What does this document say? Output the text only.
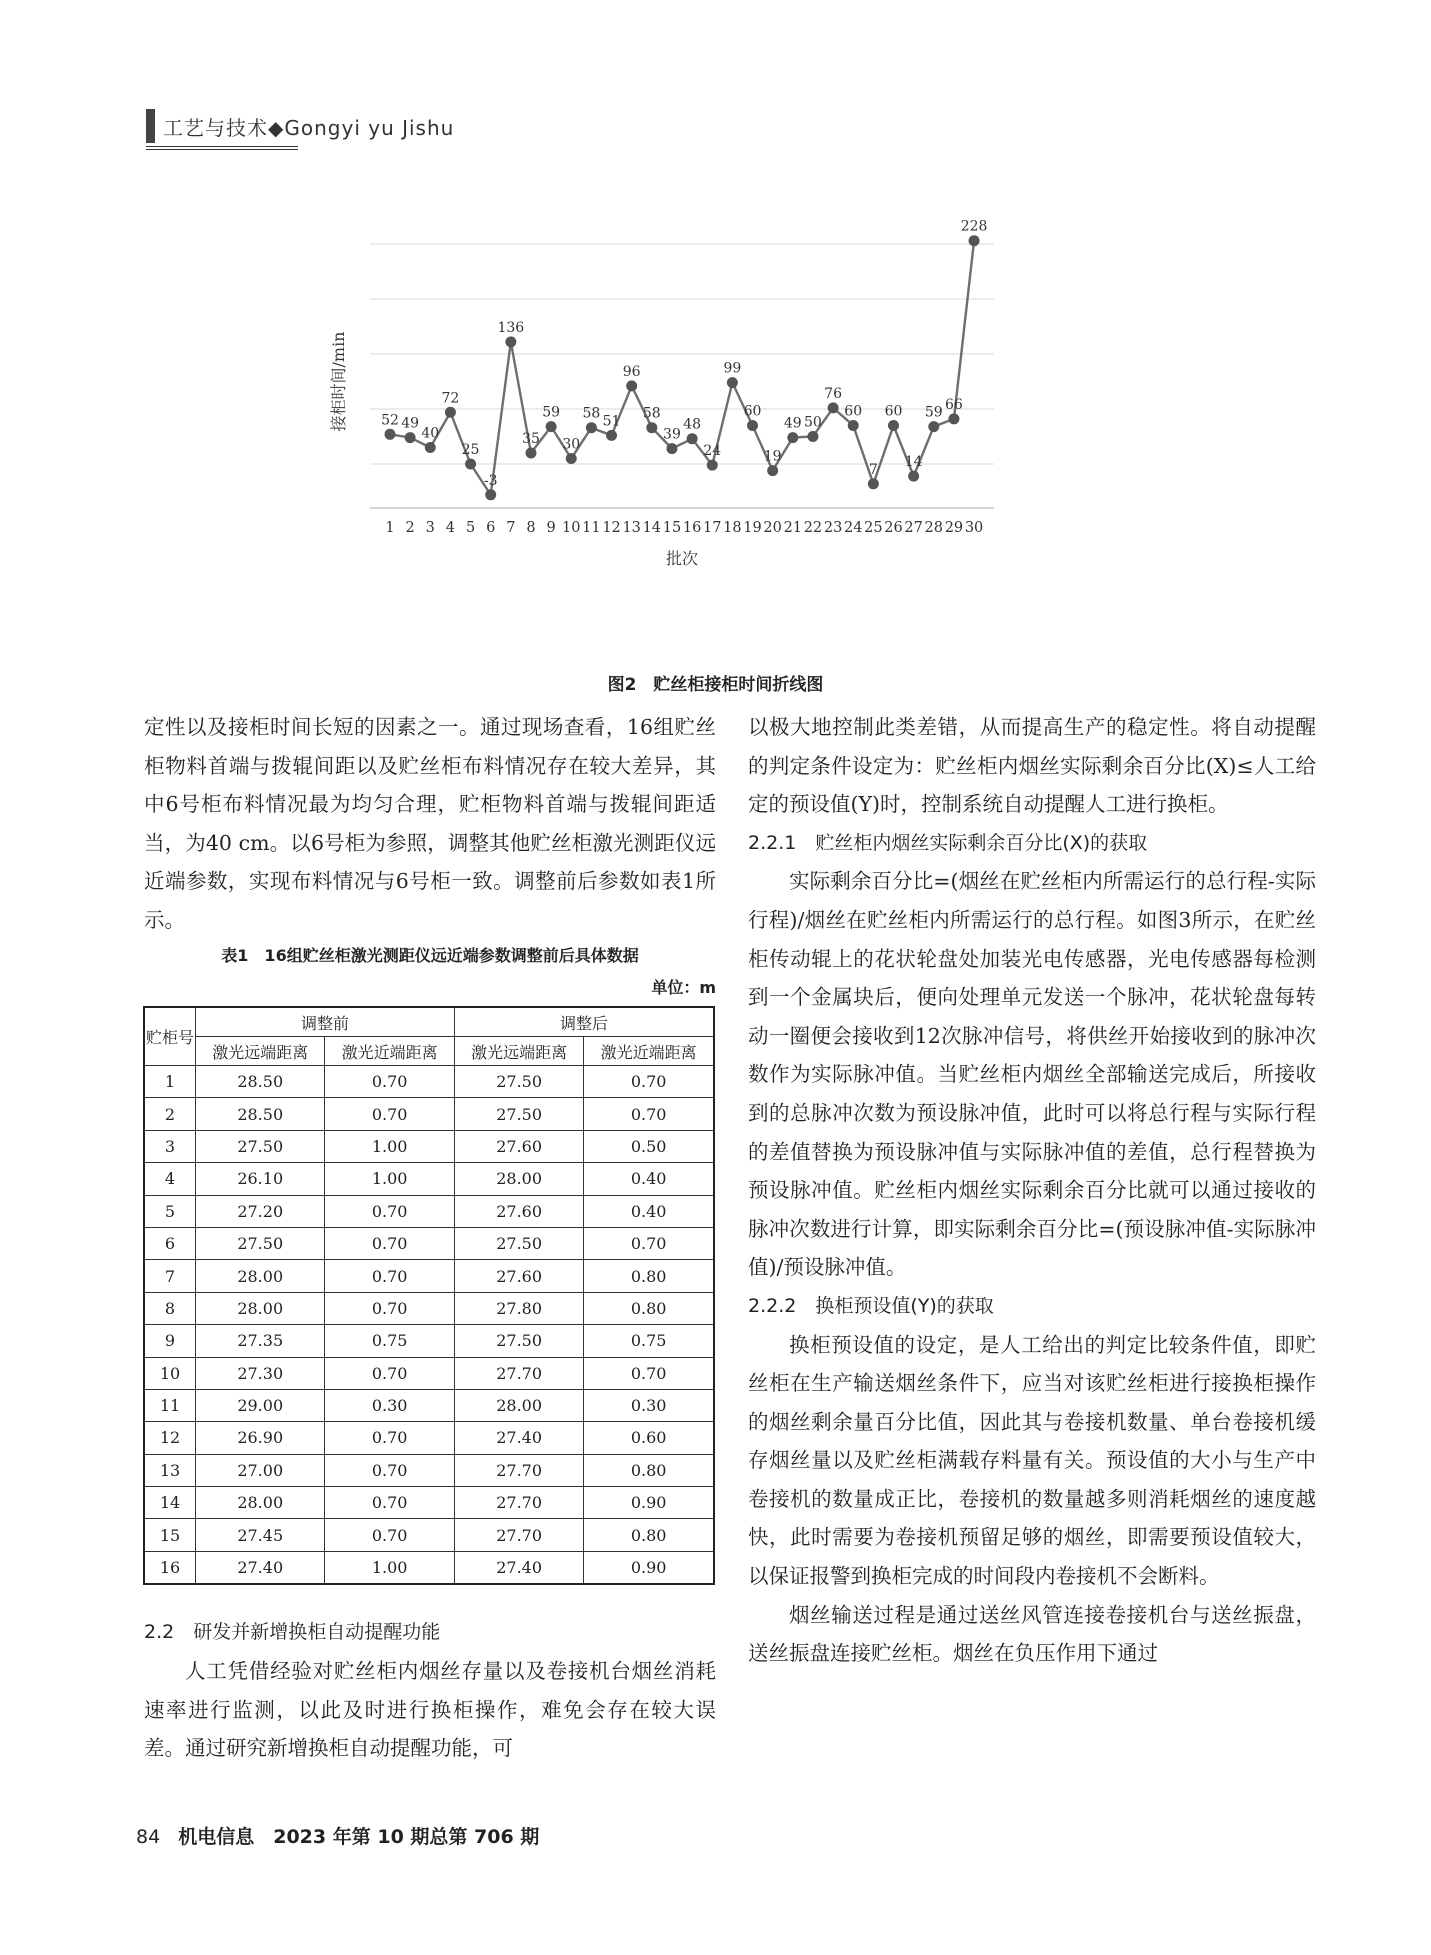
工艺与技术◆Gongyi yu Jishu
52 49
40
72
25
-3
136
35
59
30
58 51
96
58
39
48
24
99
60
19
49 50
76
60
7
60
14
59 66
228
1 2 3 4 5 6 7 8 9 10 11 12 13 14 15 16 17 18 19 20 21 22 23 24 25 26 27 28 29 30
接柜时间/min
批次
图2　贮丝柜接柜时间折线图

定性以及接柜时间长短的因素之一。通过现场查看，16组贮丝柜物料首端与拨辊间距以及贮丝柜布料情况存在较大差异，其中6号柜布料情况最为均匀合理，贮柜物料首端与拨辊间距适当，为40 cm。以6号柜为参照，调整其他贮丝柜激光测距仪远近端参数，实现布料情况与6号柜一致。调整前后参数如表1所示。

表1　16组贮丝柜激光测距仪远近端参数调整前后具体数据
单位：m
贮柜号	调整前		调整后	
	激光远端距离	激光近端距离	激光远端距离	激光近端距离
1	28.50	0.70	27.50	0.70
2	28.50	0.70	27.50	0.70
3	27.50	1.00	27.60	0.50
4	26.10	1.00	28.00	0.40
5	27.20	0.70	27.60	0.40
6	27.50	0.70	27.50	0.70
7	28.00	0.70	27.60	0.80
8	28.00	0.70	27.80	0.80
9	27.35	0.75	27.50	0.75
10	27.30	0.70	27.70	0.70
11	29.00	0.30	28.00	0.30
12	26.90	0.70	27.40	0.60
13	27.00	0.70	27.70	0.80
14	28.00	0.70	27.70	0.90
15	27.45	0.70	27.70	0.80
16	27.40	1.00	27.40	0.90
2.2　研发并新增换柜自动提醒功能

人工凭借经验对贮丝柜内烟丝存量以及卷接机台烟丝消耗速率进行监测，以此及时进行换柜操作，难免会存在较大误差。通过研究新增换柜自动提醒功能，可

以极大地控制此类差错，从而提高生产的稳定性。将自动提醒的判定条件设定为：贮丝柜内烟丝实际剩余百分比(X)≤人工给定的预设值(Y)时，控制系统自动提醒人工进行换柜。

2.2.1　贮丝柜内烟丝实际剩余百分比(X)的获取

实际剩余百分比=(烟丝在贮丝柜内所需运行的总行程-实际行程)/烟丝在贮丝柜内所需运行的总行程。如图3所示，在贮丝柜传动辊上的花状轮盘处加装光电传感器，光电传感器每检测到一个金属块后，便向处理单元发送一个脉冲，花状轮盘每转动一圈便会接收到12次脉冲信号，将供丝开始接收到的脉冲次数作为实际脉冲值。当贮丝柜内烟丝全部输送完成后，所接收到的总脉冲次数为预设脉冲值，此时可以将总行程与实际行程的差值替换为预设脉冲值与实际脉冲值的差值，总行程替换为预设脉冲值。贮丝柜内烟丝实际剩余百分比就可以通过接收的脉冲次数进行计算，即实际剩余百分比=(预设脉冲值-实际脉冲值)/预设脉冲值。

2.2.2　换柜预设值(Y)的获取

换柜预设值的设定，是人工给出的判定比较条件值，即贮丝柜在生产输送烟丝条件下，应当对该贮丝柜进行接换柜操作的烟丝剩余量百分比值，因此其与卷接机数量、单台卷接机缓存烟丝量以及贮丝柜满载存料量有关。预设值的大小与生产中卷接机的数量成正比，卷接机的数量越多则消耗烟丝的速度越快，此时需要为卷接机预留足够的烟丝，即需要预设值较大，以保证报警到换柜完成的时间段内卷接机不会断料。

烟丝输送过程是通过送丝风管连接卷接机台与送丝振盘，送丝振盘连接贮丝柜。烟丝在负压作用下通过

84 机电信息　2023 年第 10 期总第 706 期
